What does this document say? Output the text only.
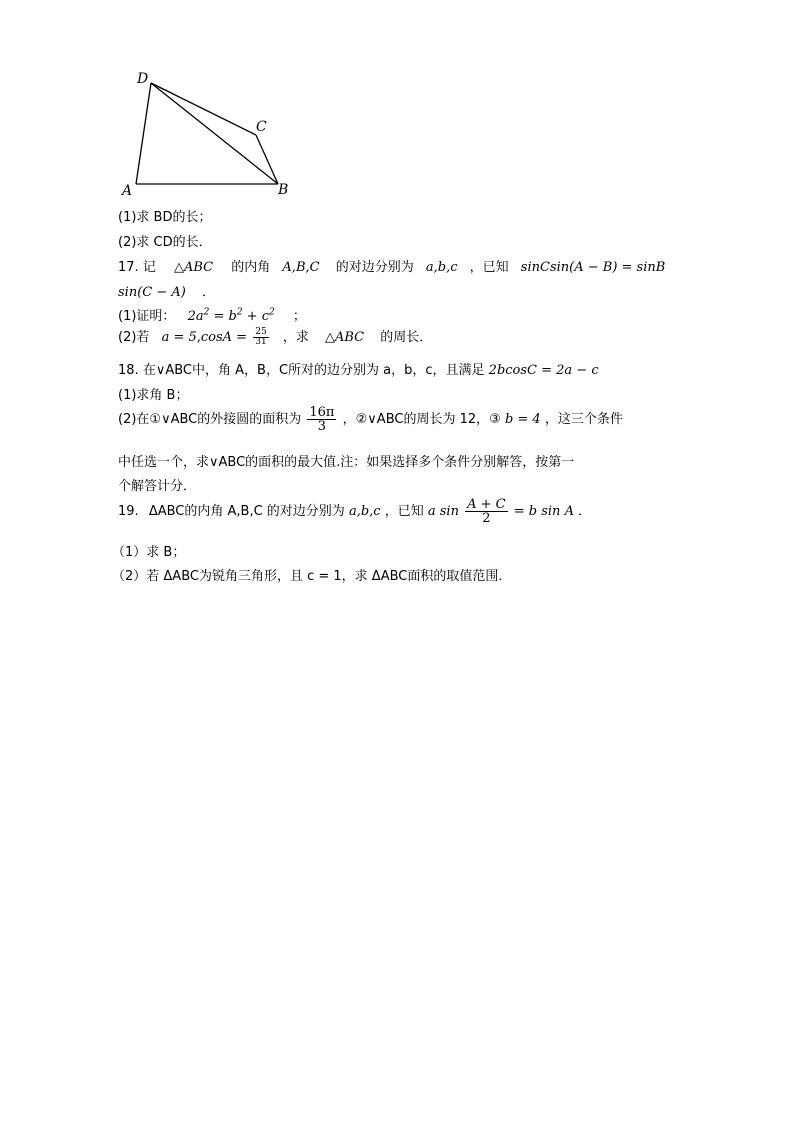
D
C
A	B
(1)求 BD的长；
(2)求 CD的长．
17. 记 △ABC 的内角 A,B,C 的对边分别为 a,b,c ，已知 sinCsin(A − B) = sinB
sin(C − A) ．
(1)证明： $2a^2 = b^2 + c^2$ ；
(2)若 $a = 5,\cos A = \frac{25}{31}$ ，求 △ABC 的周长．
18. 在∨ABC中，角 A，B，C所对的边分别为 a，b，c，且满足 2bcosC = 2a − c
(1)求角 B；
(2)在①∨ABC的外接圆的面积为 $\frac{16\pi}{3}$ ，②∨ABC的周长为 12，③ b = 4 ，这三个条件
中任选一个，求∨ABC的面积的最大值.注：如果选择多个条件分别解答，按第一
个解答计分．
19. ΔABC的内角 A,B,C 的对边分别为 a,b,c ，已知 a $\sin \frac{A + C}{2} = b$ sin A ．
（1）求 B；
（2）若 ΔABC为锐角三角形，且 c = 1，求 ΔABC面积的取值范围．
